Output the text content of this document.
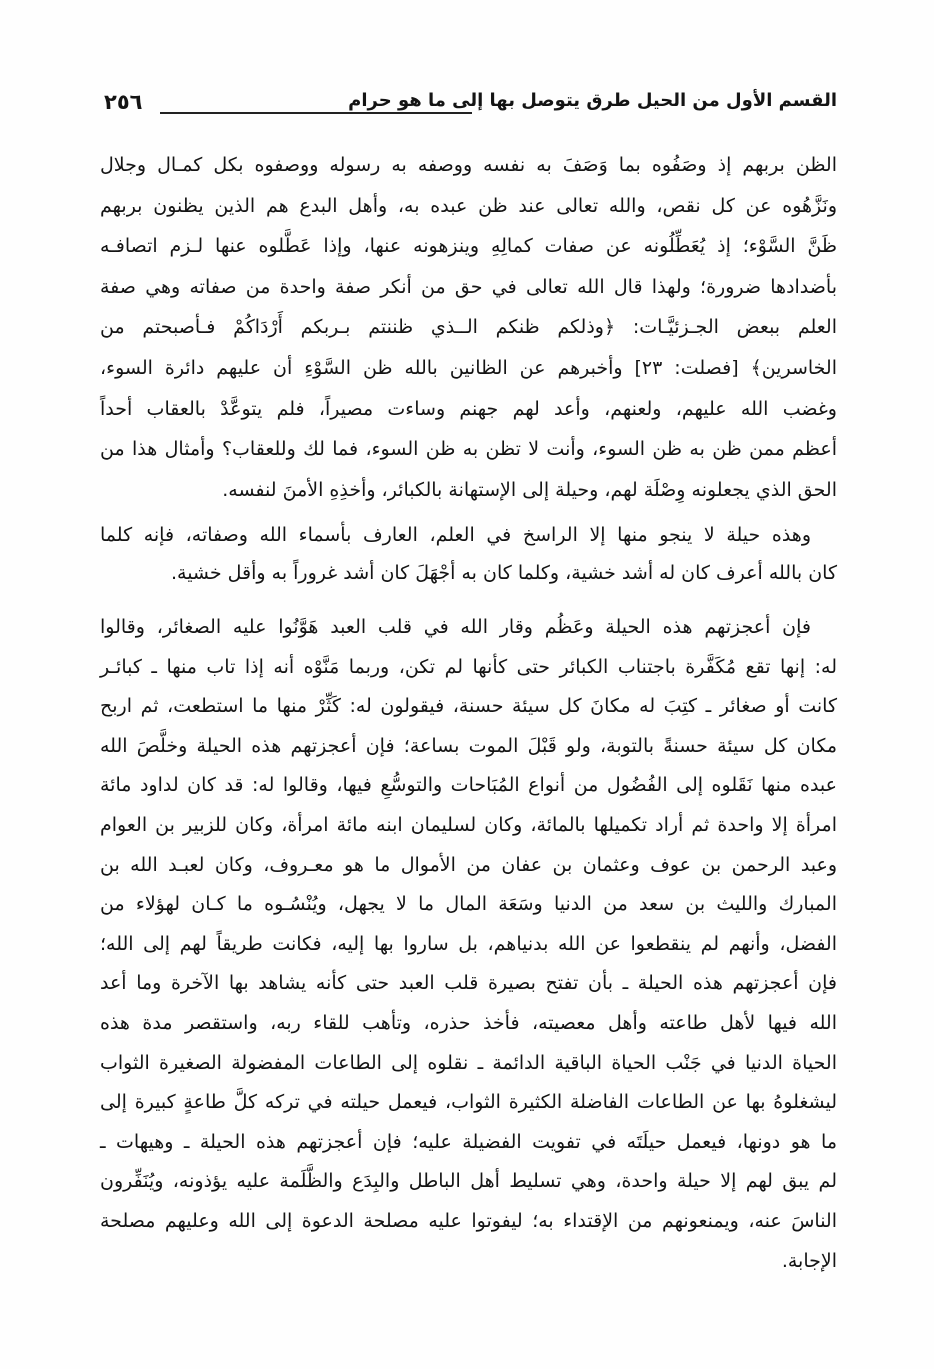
٢٥٦	القسم الأول من الحيل طرق يتوصل بها إلى ما هو حرام
الظن بربهم إذ وصَفُوه بما وَصَفَ به نفسه ووصفه به رسوله ووصفوه بكل كمـال وجلال
ونَزَّهُوه عن كل نقص، والله تعالى عند ظن عبده به، وأهل البدع هم الذين يظنون بربهم
ظَنَّ السَّوْء؛ إذ يُعَطِّلُونه عن صفات كمالِهِ وينزهونه عنها، وإذا عَطَّلوه عنها لـزم اتصافـه
بأضدادها ضرورة؛ ولهذا قال الله تعالى في حق من أنكر صفة واحدة من صفاته وهي صفة
العلم ببعض الجـزئيَّـات: ﴿وذلكم ظنكم الــذي ظننتم بـربكم أَرْدَاكُمْ فـأصبحتم من
الخاسرين﴾ [فصلت: ٢٣] وأخبرهم عن الظانين بالله ظن السَّوْءِ أن عليهم دائرة السوء،
وغضب الله عليهم، ولعنهم، وأعد لهم جهنم وساءت مصيراً، فلم يتوعَّدْ بالعقاب أحداً
أعظم ممن ظن به ظن السوء، وأنت لا تظن به ظن السوء، فما لك وللعقاب؟ وأمثال هذا من
الحق الذي يجعلونه وِصْلَة لهم، وحيلة إلى الإستهانة بالكبائر، وأخذِهِ الأمنَ لنفسه.
وهذه حيلة لا ينجو منها إلا الراسخ في العلم، العارف بأسماء الله وصفاته، فإنه كلما
كان بالله أعرف كان له أشد خشية، وكلما كان به أجْهَلَ كان أشد غروراً به وأقل خشية.
فإن أعجزتهم هذه الحيلة وعَظُم وقار الله في قلب العبد هَوَّنُوا عليه الصغائر، وقالوا
له: إنها تقع مُكَفَّرة باجتناب الكبائر حتى كأنها لم تكن، وربما مَنَّوْه أنه إذا تاب منها ـ كبائـر
كانت أو صغائر ـ كتِبَ له مكانَ كل سيئة حسنة، فيقولون له: كَثِّرْ منها ما استطعت، ثم اربح
مكان كل سيئة حسنةً بالتوبة، ولو قَبْلَ الموت بساعة؛ فإن أعجزتهم هذه الحيلة وخلَّصَ الله
عبده منها نَقَلوه إلى الفُضُول من أنواع المُبَاحات والتوسُّعِ فيها، وقالوا له: قد كان لداود مائة
امرأة إلا واحدة ثم أراد تكميلها بالمائة، وكان لسليمان ابنه مائة امرأة، وكان للزبير بن العوام
وعبد الرحمن بن عوف وعثمان بن عفان من الأموال ما هو معـروف، وكان لعبـد الله بن
المبارك والليث بن سعد من الدنيا وسَعَة المال ما لا يجهل، ويُنْسُـوه ما كـان لهؤلاء من
الفضل، وأنهم لم ينقطعوا عن الله بدنياهم، بل ساروا بها إليه، فكانت طريقاً لهم إلى الله؛
فإن أعجزتهم هذه الحيلة ـ بأن تفتح بصيرة قلب العبد حتى كأنه يشاهد بها الآخرة وما أعد
الله فيها لأهل طاعته وأهل معصيته، فأخذ حذره، وتأهب للقاء ربه، واستقصر مدة هذه
الحياة الدنيا في جَنْب الحياة الباقية الدائمة ـ نقلوه إلى الطاعات المفضولة الصغيرة الثواب
ليشغلوهُ بها عن الطاعات الفاضلة الكثيرة الثواب، فيعمل حيلته في تركه كلَّ طاعةٍ كبيرة إلى
ما هو دونها، فيعمل حيلَتَه في تفويت الفضيلة عليه؛ فإن أعجزتهم هذه الحيلة ـ وهيهات ـ
لم يبق لهم إلا حيلة واحدة، وهي تسليط أهل الباطل والبِدَع والظَّلَمة عليه يؤذونه، ويُنَفِّرون
الناسَ عنه، ويمنعونهم من الإقتداء به؛ ليفوتوا عليه مصلحة الدعوة إلى الله وعليهم مصلحة
الإجابة.
